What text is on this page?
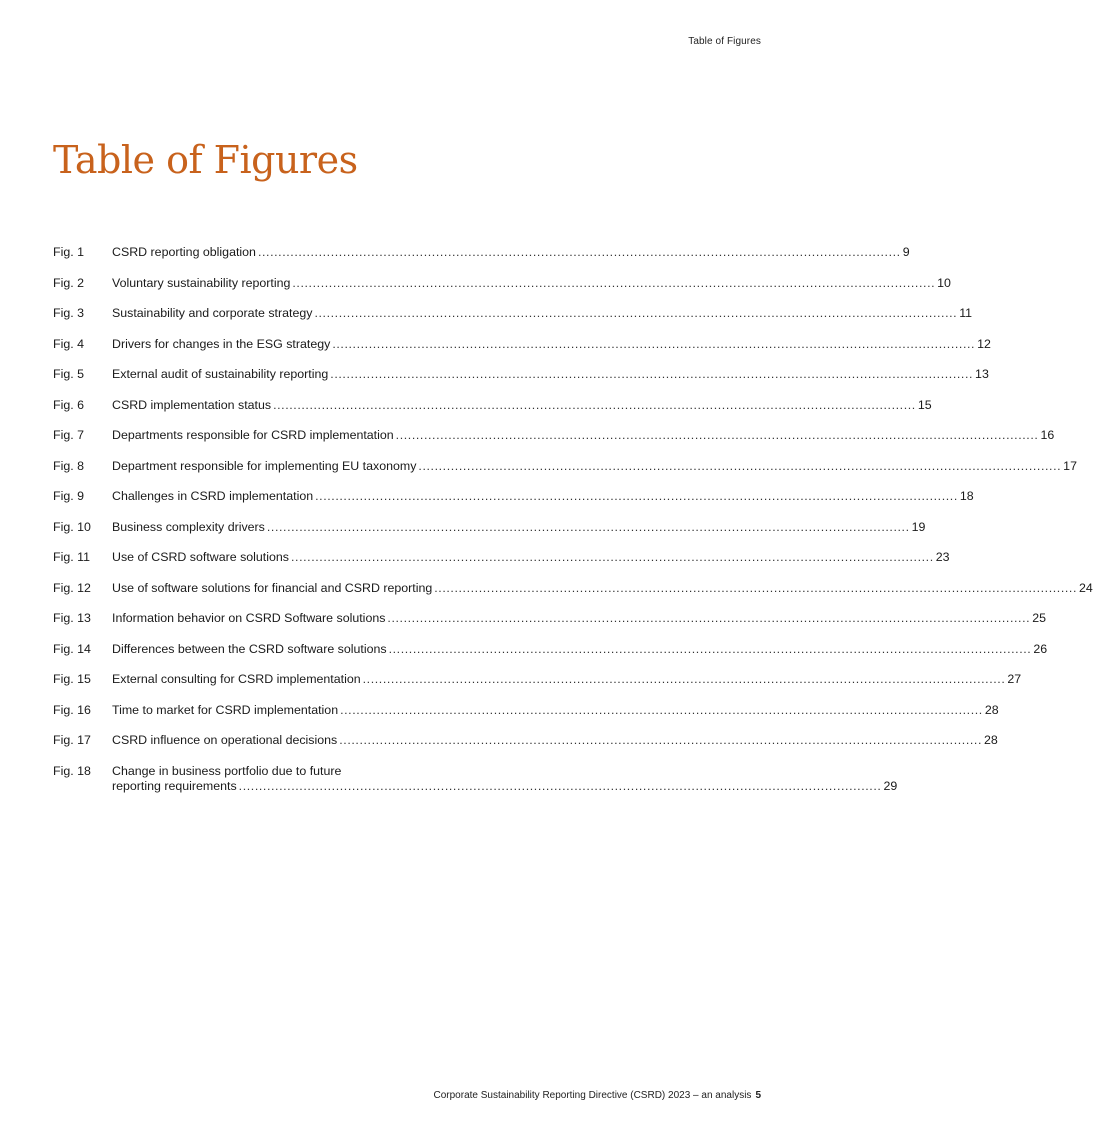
Table of Figures
Table of Figures
Fig. 1	CSRD reporting obligation ............................................................................................................................................................... 9
Fig. 2	Voluntary sustainability reporting ............................................................................................................................................................... 10
Fig. 3	Sustainability and corporate strategy ............................................................................................................................................................... 11
Fig. 4	Drivers for changes in the ESG strategy ............................................................................................................................................................... 12
Fig. 5	External audit of sustainability reporting ............................................................................................................................................................... 13
Fig. 6	CSRD implementation status ............................................................................................................................................................... 15
Fig. 7	Departments responsible for CSRD implementation ............................................................................................................................................................... 16
Fig. 8	Department responsible for implementing EU taxonomy ............................................................................................................................................................... 17
Fig. 9	Challenges in CSRD implementation ............................................................................................................................................................... 18
Fig. 10	Business complexity drivers ............................................................................................................................................................... 19
Fig. 11	Use of CSRD software solutions ............................................................................................................................................................... 23
Fig. 12	Use of software solutions for financial and CSRD reporting ............................................................................................................................................................... 24
Fig. 13	Information behavior on CSRD Software solutions ............................................................................................................................................................... 25
Fig. 14	Differences between the CSRD software solutions ............................................................................................................................................................... 26
Fig. 15	External consulting for CSRD implementation ............................................................................................................................................................... 27
Fig. 16	Time to market for CSRD implementation ............................................................................................................................................................... 28
Fig. 17	CSRD influence on operational decisions ............................................................................................................................................................... 28
Fig. 18	Change in business portfolio due to future
reporting requirements ............................................................................................................................................................... 29
Corporate Sustainability Reporting Directive (CSRD) 2023 – an analysis 5
